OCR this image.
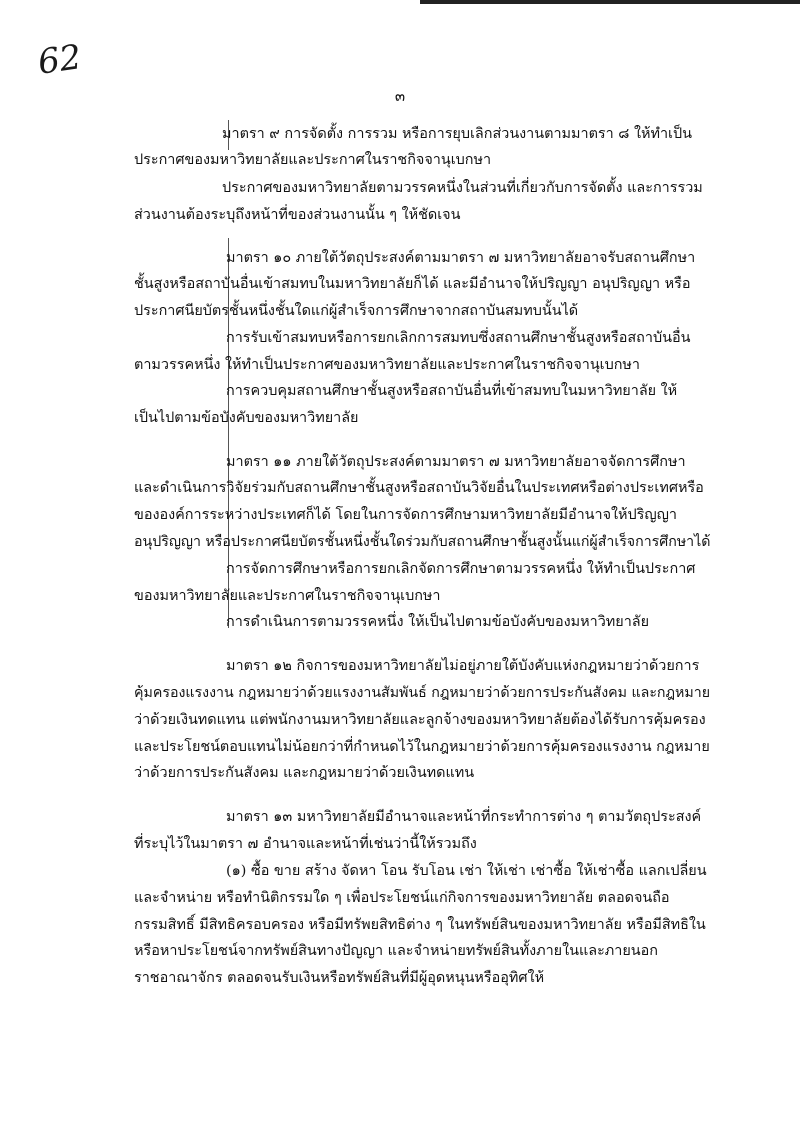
62
๓
มาตรา ๙ การจัดตั้ง การรวม หรือการยุบเลิกส่วนงานตามมาตรา ๘ ให้ทำเป็น
ประกาศของมหาวิทยาลัยและประกาศในราชกิจจานุเบกษา
ประกาศของมหาวิทยาลัยตามวรรคหนึ่งในส่วนที่เกี่ยวกับการจัดตั้ง และการรวม
ส่วนงานต้องระบุถึงหน้าที่ของส่วนงานนั้น ๆ ให้ชัดเจน
มาตรา ๑๐ ภายใต้วัตถุประสงค์ตามมาตรา ๗ มหาวิทยาลัยอาจรับสถานศึกษา
ชั้นสูงหรือสถาบันอื่นเข้าสมทบในมหาวิทยาลัยก็ได้ และมีอำนาจให้ปริญญา อนุปริญญา หรือ
ประกาศนียบัตรชั้นหนึ่งชั้นใดแก่ผู้สำเร็จการศึกษาจากสถาบันสมทบนั้นได้
การรับเข้าสมทบหรือการยกเลิกการสมทบซึ่งสถานศึกษาชั้นสูงหรือสถาบันอื่น
ตามวรรคหนึ่ง ให้ทำเป็นประกาศของมหาวิทยาลัยและประกาศในราชกิจจานุเบกษา
การควบคุมสถานศึกษาชั้นสูงหรือสถาบันอื่นที่เข้าสมทบในมหาวิทยาลัย ให้
เป็นไปตามข้อบังคับของมหาวิทยาลัย
มาตรา ๑๑ ภายใต้วัตถุประสงค์ตามมาตรา ๗ มหาวิทยาลัยอาจจัดการศึกษา
และดำเนินการวิจัยร่วมกับสถานศึกษาชั้นสูงหรือสถาบันวิจัยอื่นในประเทศหรือต่างประเทศหรือ
ขององค์การระหว่างประเทศก็ได้ โดยในการจัดการศึกษามหาวิทยาลัยมีอำนาจให้ปริญญา
อนุปริญญา หรือประกาศนียบัตรชั้นหนึ่งชั้นใดร่วมกับสถานศึกษาชั้นสูงนั้นแก่ผู้สำเร็จการศึกษาได้
การจัดการศึกษาหรือการยกเลิกจัดการศึกษาตามวรรคหนึ่ง ให้ทำเป็นประกาศ
ของมหาวิทยาลัยและประกาศในราชกิจจานุเบกษา
การดำเนินการตามวรรคหนึ่ง ให้เป็นไปตามข้อบังคับของมหาวิทยาลัย
มาตรา ๑๒ กิจการของมหาวิทยาลัยไม่อยู่ภายใต้บังคับแห่งกฎหมายว่าด้วยการ
คุ้มครองแรงงาน กฎหมายว่าด้วยแรงงานสัมพันธ์ กฎหมายว่าด้วยการประกันสังคม และกฎหมาย
ว่าด้วยเงินทดแทน แต่พนักงานมหาวิทยาลัยและลูกจ้างของมหาวิทยาลัยต้องได้รับการคุ้มครอง
และประโยชน์ตอบแทนไม่น้อยกว่าที่กำหนดไว้ในกฎหมายว่าด้วยการคุ้มครองแรงงาน กฎหมาย
ว่าด้วยการประกันสังคม และกฎหมายว่าด้วยเงินทดแทน
มาตรา ๑๓ มหาวิทยาลัยมีอำนาจและหน้าที่กระทำการต่าง ๆ ตามวัตถุประสงค์
ที่ระบุไว้ในมาตรา ๗ อำนาจและหน้าที่เช่นว่านี้ให้รวมถึง
(๑) ซื้อ ขาย สร้าง จัดหา โอน รับโอน เช่า ให้เช่า เช่าซื้อ ให้เช่าซื้อ แลกเปลี่ยน
และจำหน่าย หรือทำนิติกรรมใด ๆ เพื่อประโยชน์แก่กิจการของมหาวิทยาลัย ตลอดจนถือ
กรรมสิทธิ์ มีสิทธิครอบครอง หรือมีทรัพยสิทธิต่าง ๆ ในทรัพย์สินของมหาวิทยาลัย หรือมีสิทธิใน
หรือหาประโยชน์จากทรัพย์สินทางปัญญา และจำหน่ายทรัพย์สินทั้งภายในและภายนอก
ราชอาณาจักร ตลอดจนรับเงินหรือทรัพย์สินที่มีผู้อุดหนุนหรืออุทิศให้
